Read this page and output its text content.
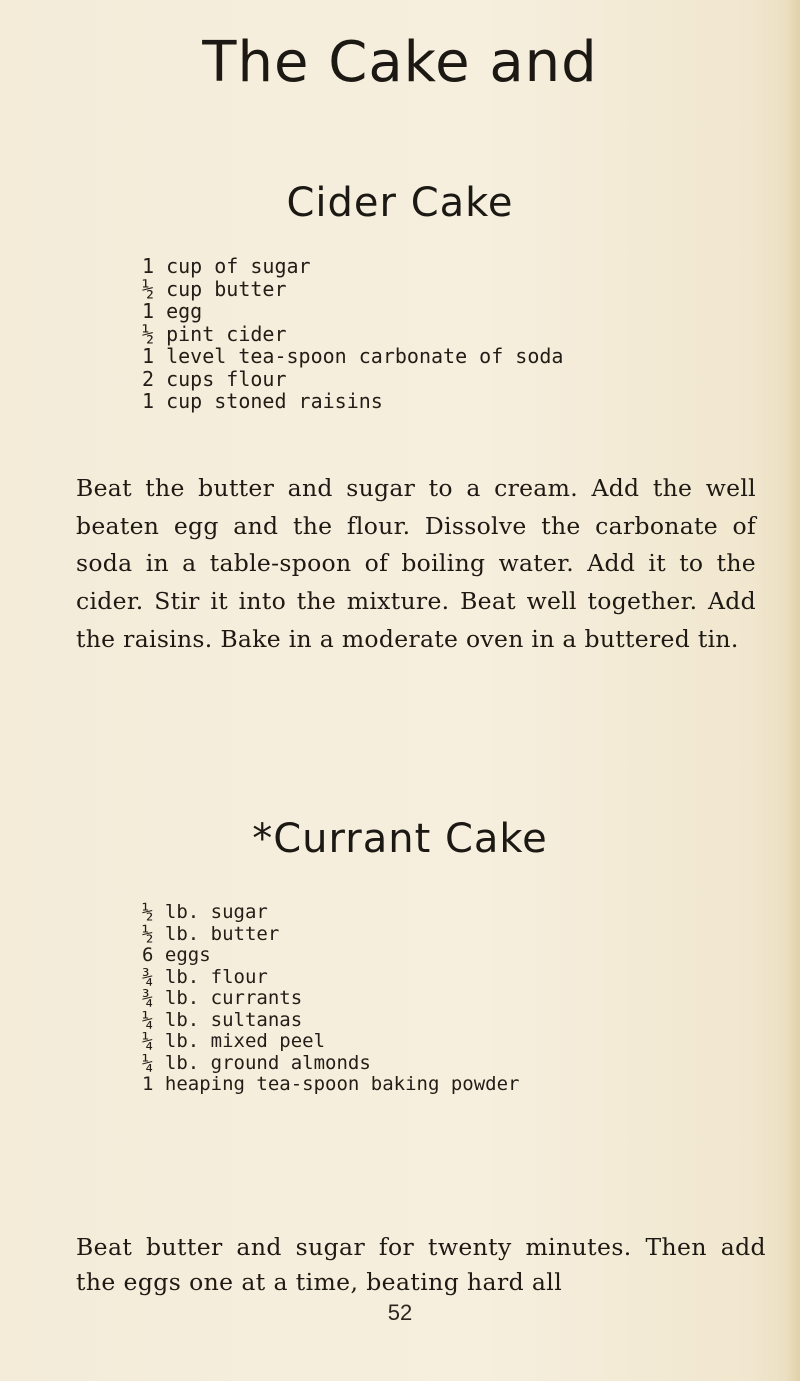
The Cake and
Cider Cake
1 cup of sugar
½ cup butter
1 egg
½ pint cider
1 level tea-spoon carbonate of soda
2 cups flour
1 cup stoned raisins

Beat the butter and sugar to a cream. Add the well beaten egg and the flour. Dissolve the carbonate of soda in a table-spoon of boiling water. Add it to the cider. Stir it into the mixture. Beat well together. Add the raisins. Bake in a moderate oven in a buttered tin.

*Currant Cake
½ lb. sugar
½ lb. butter
6 eggs
¾ lb. flour
¾ lb. currants
¼ lb. sultanas
¼ lb. mixed peel
¼ lb. ground almonds
1 heaping tea-spoon baking powder

Beat butter and sugar for twenty minutes. Then add the eggs one at a time, beating hard all

52
